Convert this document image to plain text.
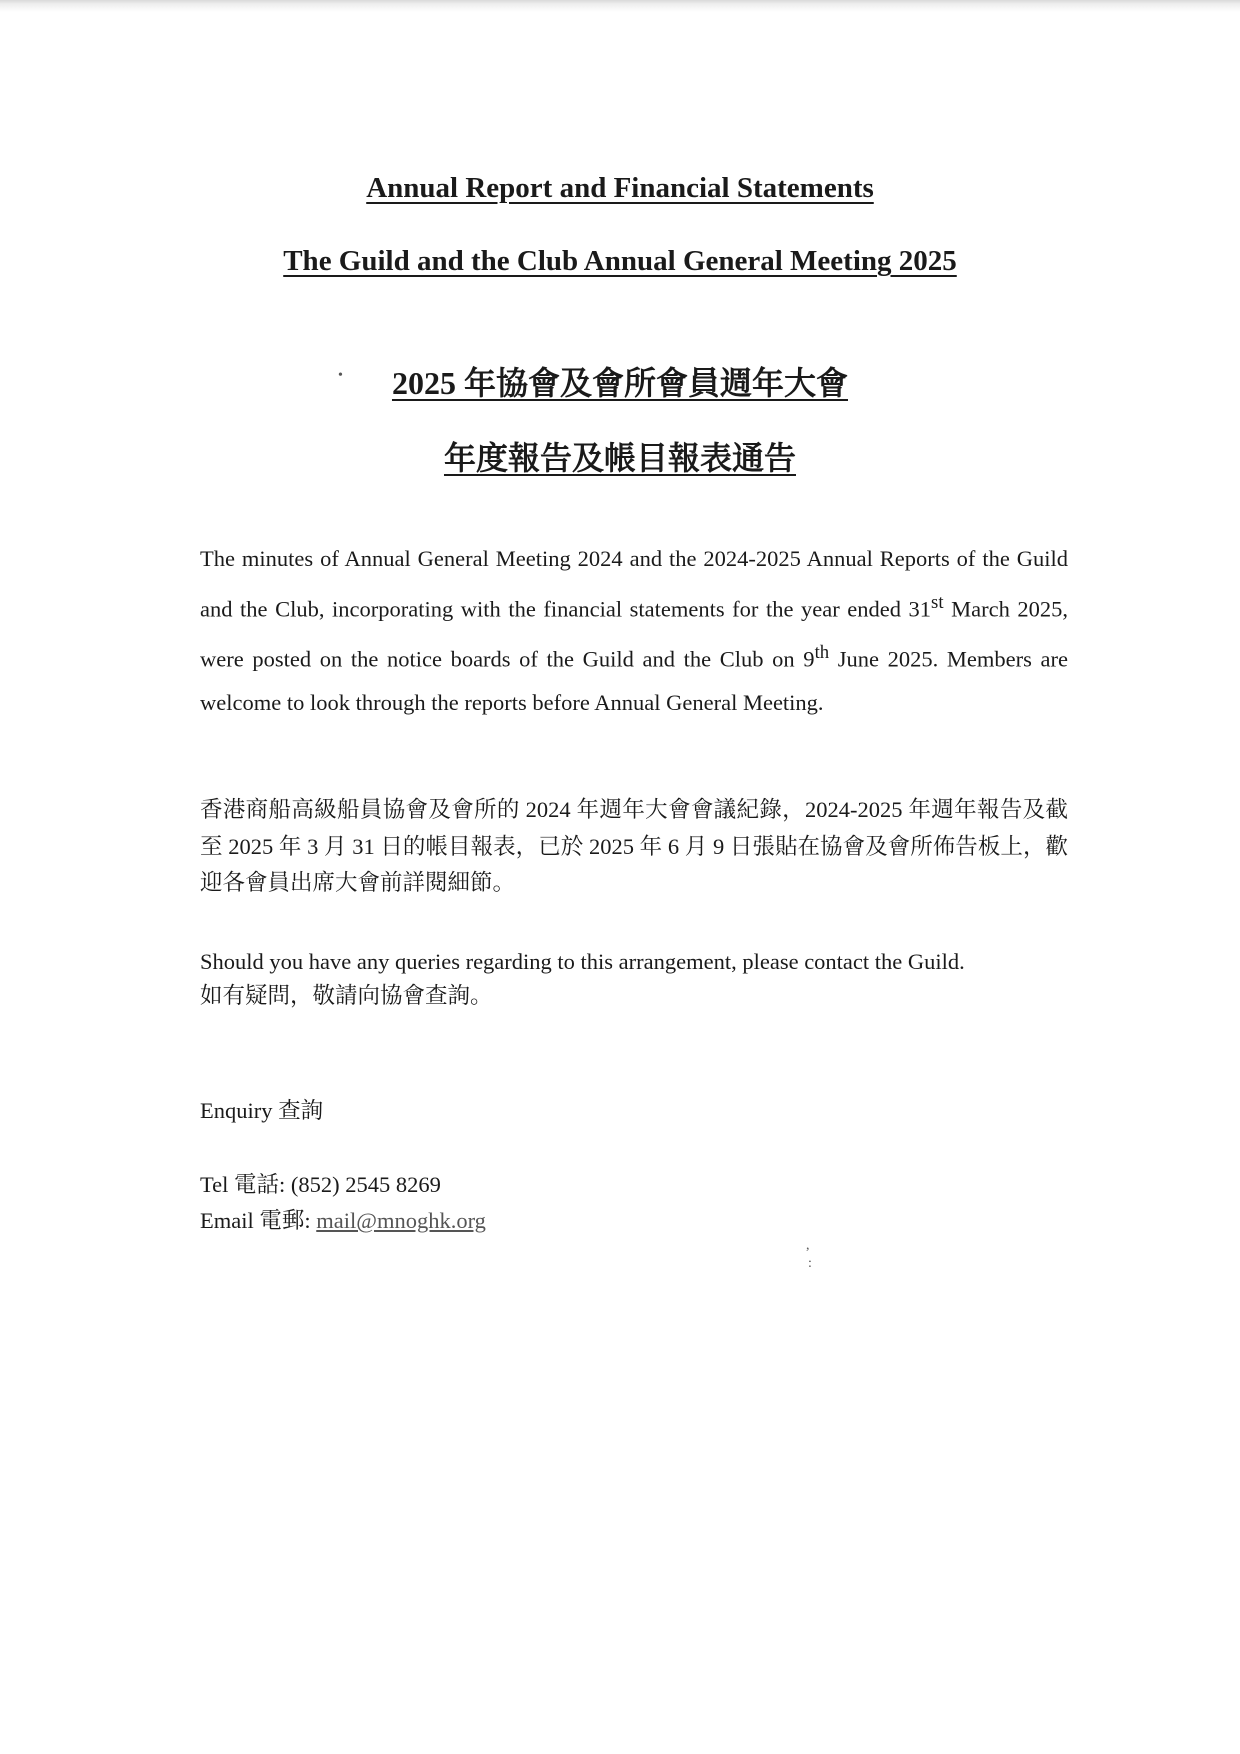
Annual Report and Financial Statements
The Guild and the Club Annual General Meeting 2025
•	2025 年協會及會所會員週年大會
年度報告及帳目報表通告

The minutes of Annual General Meeting 2024 and the 2024-2025 Annual Reports of the Guild and the Club, incorporating with the financial statements for the year ended 31st March 2025, were posted on the notice boards of the Guild and the Club on 9th June 2025. Members are welcome to look through the reports before Annual General Meeting.

香港商船高級船員協會及會所的 2024 年週年大會會議紀錄，2024-2025 年週年報告及截至 2025 年 3 月 31 日的帳目報表，已於 2025 年 6 月 9 日張貼在協會及會所佈告板上，歡迎各會員出席大會前詳閱細節。

Should you have any queries regarding to this arrangement, please contact the Guild.

如有疑問，敬請向協會查詢。

Enquiry 查詢

Tel 電話: (852) 2545 8269

Email 電郵: mail@mnoghk.org

,
:
